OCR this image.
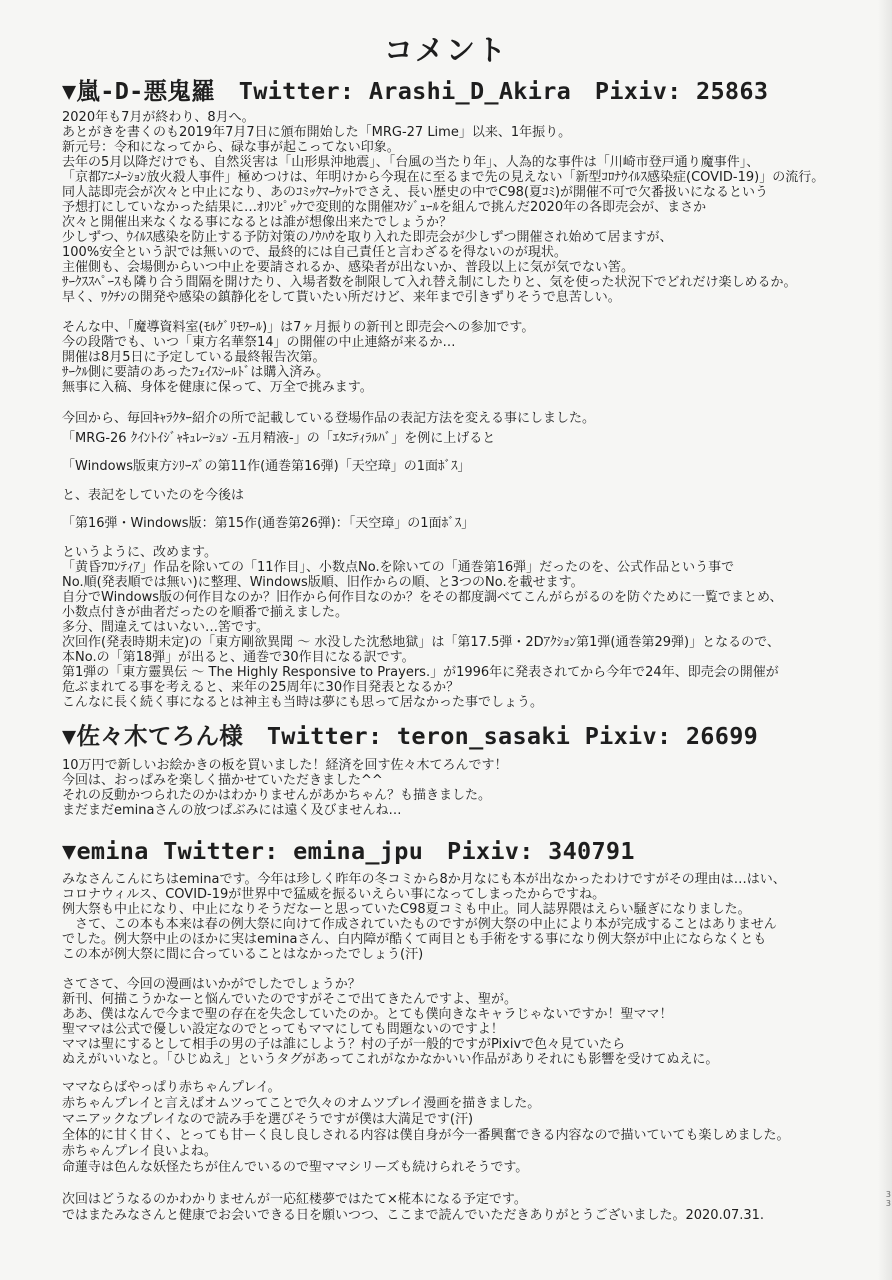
コメント
▼嵐-D-悪鬼羅　Twitter: Arashi_D_Akira　Pixiv: 25863
2020年も7月が終わり、8月へ。
あとがきを書くのも2019年7月7日に頒布開始した「MRG-27 Lime」以来、1年振り。
新元号：令和になってから、碌な事が起こってない印象。
去年の5月以降だけでも、自然災害は「山形県沖地震」、「台風の当たり年」、人為的な事件は「川崎市登戸通り魔事件」、
「京都ｱﾆﾒｰｼｮﾝ放火殺人事件」極めつけは、年明けから今現在に至るまで先の見えない「新型ｺﾛﾅｳｲﾙｽ感染症(COVID-19)」の流行。
同人誌即売会が次々と中止になり、あのｺﾐｯｸﾏｰｹｯﾄでさえ、長い歴史の中でC98(夏ｺﾐ)が開催不可で欠番扱いになるという
予想打にしていなかった結果に…ｵﾘﾝﾋﾟｯｸで変則的な開催ｽｹｼﾞｭｰﾙを組んで挑んだ2020年の各即売会が、まさか
次々と開催出来なくなる事になるとは誰が想像出来たでしょうか？
少しずつ、ｳｲﾙｽ感染を防止する予防対策のﾉｳﾊｳを取り入れた即売会が少しずつ開催され始めて居ますが、
100%安全という訳では無いので、最終的には自己責任と言わざるを得ないのが現状。
主催側も、会場側からいつ中止を要請されるか、感染者が出ないか、普段以上に気が気でない筈。
ｻｰｸｽｽﾍﾟｰｽも隣り合う間隔を開けたり、入場者数を制限して入れ替え制にしたりと、気を使った状況下でどれだけ楽しめるか。
早く、ﾜｸﾁﾝの開発や感染の鎮静化をして貰いたい所だけど、来年まで引きずりそうで息苦しい。
そんな中、「魔導資料室(ﾓﾙｸﾞﾘﾓﾜｰﾙ)」は7ヶ月振りの新刊と即売会への参加です。
今の段階でも、いつ「東方名華祭14」の開催の中止連絡が来るか…
開催は8月5日に予定している最終報告次第。
ｻｰｸﾙ側に要請のあったﾌｪｲｽｼｰﾙﾄﾞは購入済み。
無事に入稿、身体を健康に保って、万全で挑みます。
今回から、毎回ｷｬﾗｸﾀｰ紹介の所で記載している登場作品の表記方法を変える事にしました。
「MRG-26 ｸｲﾝﾄｲｼﾞｬｷｭﾚｰｼｮﾝ -五月精液-」の「ｴﾀﾆﾃｨﾗﾙﾊﾞ」を例に上げると
「Windows版東方ｼﾘｰｽﾞの第11作(通巻第16弾)「天空璋」の1面ﾎﾞｽ」
と、表記をしていたのを今後は
「第16弾・Windows版：第15作(通巻第26弾)：「天空璋」の1面ﾎﾞｽ」
というように、改めます。
「黄昏ﾌﾛﾝﾃｨｱ」作品を除いての「11作目」、小数点No.を除いての「通巻第16弾」だったのを、公式作品という事で
No.順(発表順では無い)に整理、Windows版順、旧作からの順、と3つのNo.を載せます。
自分でWindows版の何作目なのか？旧作から何作目なのか？をその都度調べてこんがらがるのを防ぐために一覧でまとめ、
小数点付きが曲者だったのを順番で揃えました。
多分、間違えてはいない…筈です。
次回作(発表時期未定)の「東方剛欲異聞 ～ 水没した沈愁地獄」は「第17.5弾・2Dｱｸｼｮﾝ第1弾(通巻第29弾)」となるので、
本No.の「第18弾」が出ると、通巻で30作目になる訳です。
第1弾の「東方靈異伝 ～ The Highly Responsive to Prayers.」が1996年に発表されてから今年で24年、即売会の開催が
危ぶまれてる事を考えると、来年の25周年に30作目発表となるか？
こんなに長く続く事になるとは神主も当時は夢にも思って居なかった事でしょう。
▼佐々木てろん様　Twitter: teron_sasaki Pixiv: 26699
10万円で新しいお絵かきの板を買いました！経済を回す佐々木てろんです！
今回は、おっぱみを楽しく描かせていただきました^^
それの反動かつられたのかはわかりませんがあかちゃん？も描きました。
まだまだeminaさんの放つぱぶみには遠く及びませんね…
▼emina Twitter: emina_jpu　Pixiv: 340791
みなさんこんにちはeminaです。今年は珍しく昨年の冬コミから8か月なにも本が出なかったわけですがその理由は…はい、
コロナウィルス、COVID-19が世界中で猛威を振るいえらい事になってしまったからですね。
例大祭も中止になり、中止になりそうだなーと思っていたC98夏コミも中止。同人誌界隈はえらい騒ぎになりました。
　さて、この本も本来は春の例大祭に向けて作成されていたものですが例大祭の中止により本が完成することはありません
でした。例大祭中止のほかに実はeminaさん、白内障が酷くて両目とも手術をする事になり例大祭が中止にならなくとも
この本が例大祭に間に合っていることはなかったでしょう(汗)
さてさて、今回の漫画はいかがでしたでしょうか？
新刊、何描こうかなーと悩んでいたのですがそこで出てきたんですよ、聖が。
ああ、僕はなんで今まで聖の存在を失念していたのか。とても僕向きなキャラじゃないですか！聖ママ！
聖ママは公式で優しい設定なのでとってもママにしても問題ないのですよ！
ママは聖にするとして相手の男の子は誰にしよう？村の子が一般的ですがPixivで色々見ていたら
ぬえがいいなと。「ひじぬえ」というタグがあってこれがなかなかいい作品がありそれにも影響を受けてぬえに。
ママならばやっぱり赤ちゃんプレイ。
赤ちゃんプレイと言えばオムツってことで久々のオムツプレイ漫画を描きました。
マニアックなプレイなので読み手を選びそうですが僕は大満足です(汗)
全体的に甘く甘く、とっても甘ーく良し良しされる内容は僕自身が今一番興奮できる内容なので描いていても楽しめました。
赤ちゃんプレイ良いよね。
命蓮寺は色んな妖怪たちが住んでいるので聖ママシリーズも続けられそうです。
次回はどうなるのかわかりませんが一応紅楼夢ではたて×椛本になる予定です。
ではまたみなさんと健康でお会いできる日を願いつつ、ここまで読んでいただきありがとうございました。2020.07.31.
3
3
